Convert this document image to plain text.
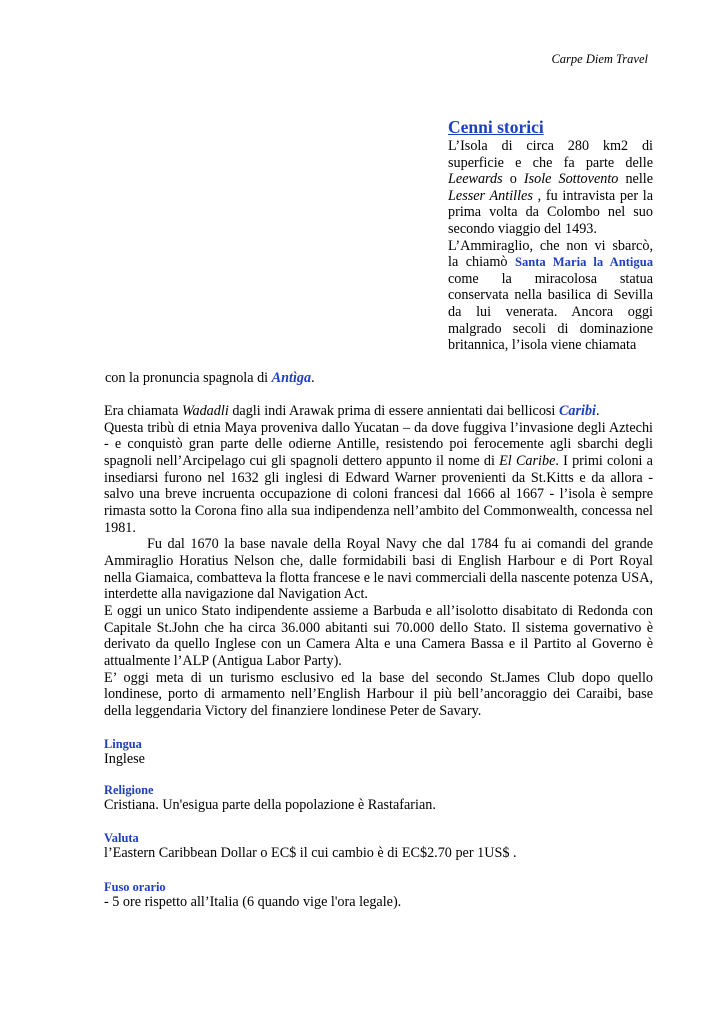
Carpe Diem Travel
Cenni storici

L’Isola di circa 280 km2 di superficie e che fa parte delle Leewards o Isole Sottovento nelle Lesser Antilles , fu intravista per la prima volta da Colombo nel suo secondo viaggio del 1493.

L’Ammiraglio, che non vi sbarcò, la chiamò Santa Maria la Antigua come la miracolosa statua conservata nella basilica di Sevilla da lui venerata. Ancora oggi malgrado secoli di dominazione britannica, l’isola viene chiamata

con la pronuncia spagnola di Antìga.

Era chiamata Wadadli dagli indi Arawak prima di essere annientati dai bellicosi Caribi.

Questa tribù di etnia Maya proveniva dallo Yucatan – da dove fuggiva l’invasione degli Aztechi - e conquistò gran parte delle odierne Antille, resistendo poi ferocemente agli sbarchi degli spagnoli nell’Arcipelago cui gli spagnoli dettero appunto il nome di El Caribe. I primi coloni a insediarsi furono nel 1632 gli inglesi di Edward Warner provenienti da St.Kitts e da allora - salvo una breve incruenta occupazione di coloni francesi dal 1666 al 1667 - l’isola è sempre rimasta sotto la Corona fino alla sua indipendenza nell’ambito del Commonwealth, concessa nel 1981.

Fu dal 1670 la base navale della Royal Navy che dal 1784 fu ai comandi del grande Ammiraglio Horatius Nelson che, dalle formidabili basi di English Harbour e di Port Royal nella Giamaica, combatteva la flotta francese e le navi commerciali della nascente potenza USA, interdette alla navigazione dal Navigation Act.

E oggi un unico Stato indipendente assieme a Barbuda e all’isolotto disabitato di Redonda con Capitale St.John che ha circa 36.000 abitanti sui 70.000 dello Stato. Il sistema governativo è derivato da quello Inglese con un Camera Alta e una Camera Bassa e il Partito al Governo è attualmente l’ALP (Antigua Labor Party).

E’ oggi meta di un turismo esclusivo ed la base del secondo St.James Club dopo quello londinese, porto di armamento nell’English Harbour il più bell’ancoraggio dei Caraibi, base della leggendaria Victory del finanziere londinese Peter de Savary.

Lingua
Inglese
Religione
Cristiana. Un'esigua parte della popolazione è Rastafarian.
Valuta
l’Eastern Caribbean Dollar o EC$ il cui cambio è di EC$2.70 per 1US$ .
Fuso orario
- 5 ore rispetto all’Italia (6 quando vige l'ora legale).
